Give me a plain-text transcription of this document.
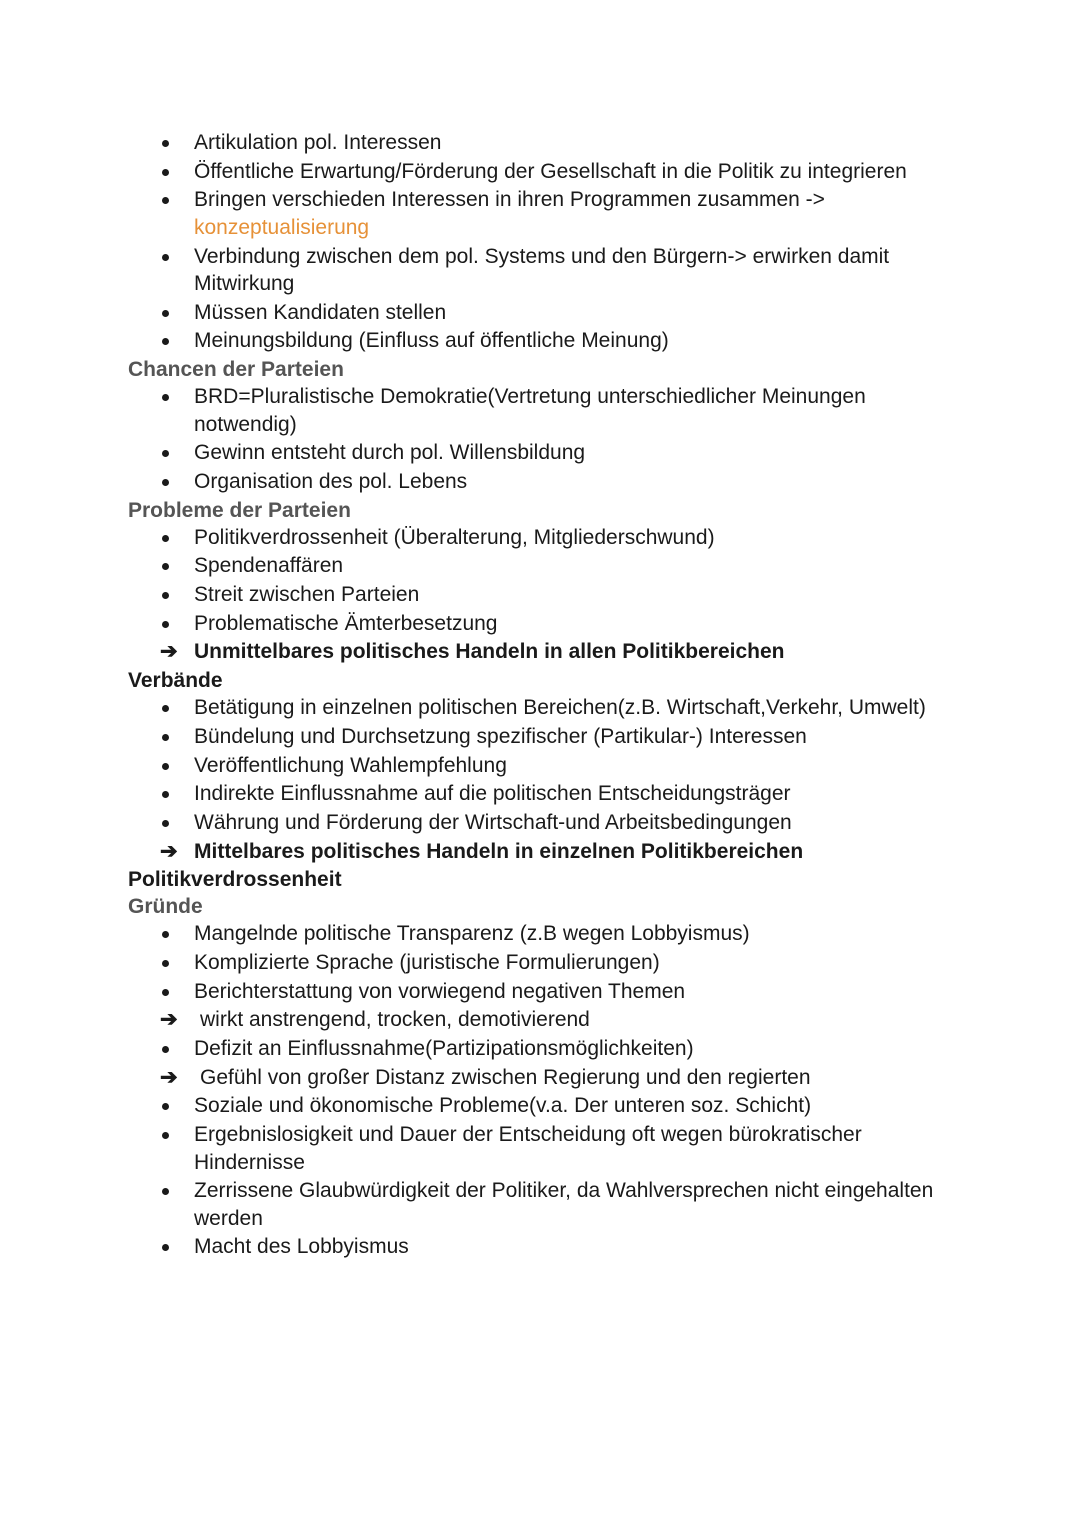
Artikulation pol. Interessen
Öffentliche Erwartung/Förderung der Gesellschaft in die Politik zu integrieren
Bringen verschieden Interessen in ihren Programmen zusammen ->
konzeptualisierung
Verbindung zwischen dem pol. Systems und den Bürgern-> erwirken damit Mitwirkung
Müssen Kandidaten stellen
Meinungsbildung (Einfluss auf öffentliche Meinung)
Chancen der Parteien
BRD=Pluralistische Demokratie(Vertretung unterschiedlicher Meinungen notwendig)
Gewinn entsteht durch pol. Willensbildung
Organisation des pol. Lebens
Probleme der Parteien
Politikverdrossenheit (Überalterung, Mitgliederschwund)
Spendenaffären
Streit zwischen Parteien
Problematische Ämterbesetzung
➔ Unmittelbares politisches Handeln in allen Politikbereichen
Verbände
Betätigung in einzelnen politischen Bereichen(z.B. Wirtschaft,Verkehr, Umwelt)
Bündelung und Durchsetzung spezifischer (Partikular-) Interessen
Veröffentlichung Wahlempfehlung
Indirekte Einflussnahme auf die politischen Entscheidungsträger
Währung und Förderung der Wirtschaft-und Arbeitsbedingungen
➔ Mittelbares politisches Handeln in einzelnen Politikbereichen
Politikverdrossenheit
Gründe
Mangelnde politische Transparenz (z.B wegen Lobbyismus)
Komplizierte Sprache (juristische Formulierungen)
Berichterstattung von vorwiegend negativen Themen
➔ wirkt anstrengend, trocken, demotivierend
Defizit an Einflussnahme(Partizipationsmöglichkeiten)
➔ Gefühl von großer Distanz zwischen Regierung und den regierten
Soziale und ökonomische Probleme(v.a. Der unteren soz. Schicht)
Ergebnislosigkeit und Dauer der Entscheidung oft wegen bürokratischer Hindernisse
Zerrissene Glaubwürdigkeit der Politiker, da Wahlversprechen nicht eingehalten werden
Macht des Lobbyismus
